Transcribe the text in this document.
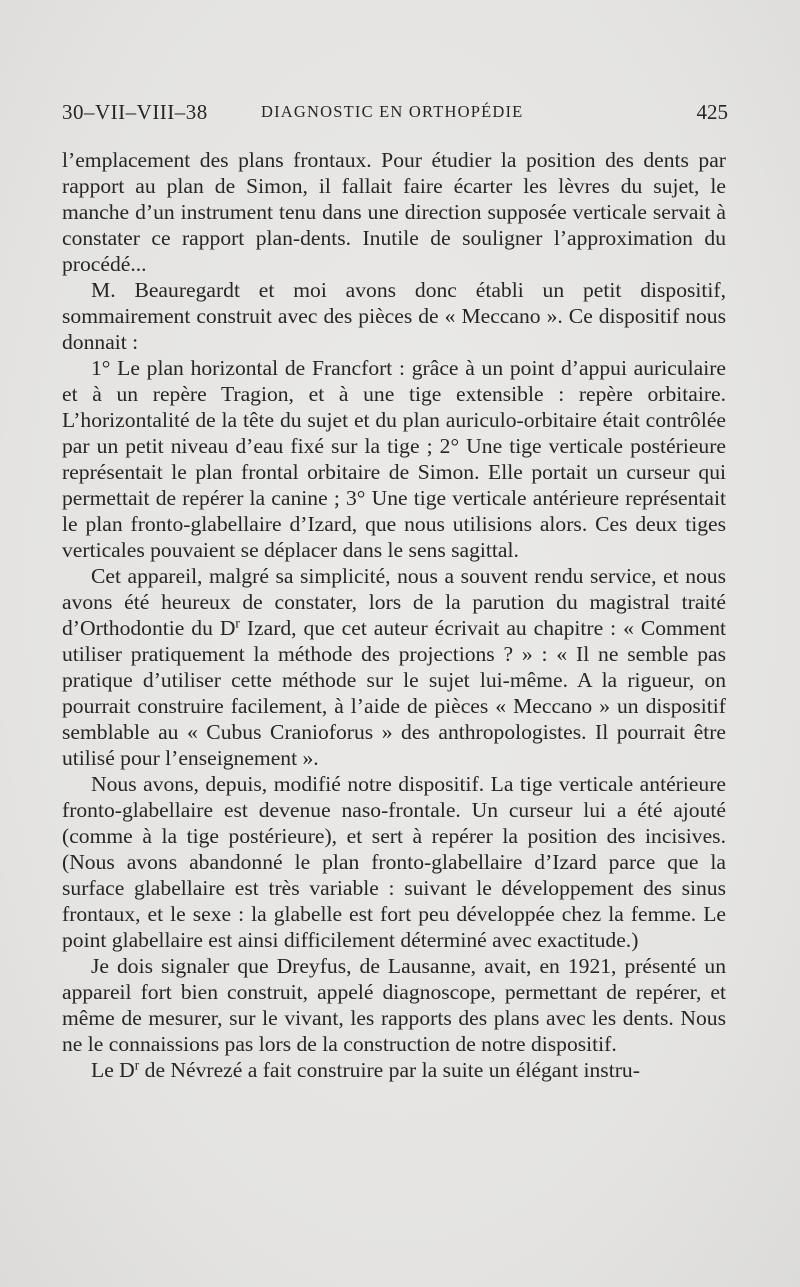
30–VII–VIII–38	DIAGNOSTIC EN ORTHOPÉDIE	425

l’emplacement des plans frontaux. Pour étudier la position des dents par rapport au plan de Simon, il fallait faire écarter les lèvres du sujet, le manche d’un instrument tenu dans une direction supposée verticale servait à constater ce rapport plan-dents. Inutile de souligner l’approximation du procédé...

M. Beauregardt et moi avons donc établi un petit dispositif, sommairement construit avec des pièces de « Meccano ». Ce dispositif nous donnait :

1° Le plan horizontal de Francfort : grâce à un point d’appui auriculaire et à un repère Tragion, et à une tige extensible : repère orbitaire. L’horizontalité de la tête du sujet et du plan auriculo-orbitaire était contrôlée par un petit niveau d’eau fixé sur la tige ; 2° Une tige verticale postérieure représentait le plan frontal orbitaire de Simon. Elle portait un curseur qui permettait de repérer la canine ; 3° Une tige verticale antérieure représentait le plan fronto-glabellaire d’Izard, que nous utilisions alors. Ces deux tiges verticales pouvaient se déplacer dans le sens sagittal.

Cet appareil, malgré sa simplicité, nous a souvent rendu service, et nous avons été heureux de constater, lors de la parution du magistral traité d’Orthodontie du $D^r$ Izard, que cet auteur écrivait au chapitre : « Comment utiliser pratiquement la méthode des projections ? » : « Il ne semble pas pratique d’utiliser cette méthode sur le sujet lui-même. A la rigueur, on pourrait construire facilement, à l’aide de pièces « Meccano » un dispositif semblable au « Cubus Cranioforus » des anthropologistes. Il pourrait être utilisé pour l’enseignement ».

Nous avons, depuis, modifié notre dispositif. La tige verticale antérieure fronto-glabellaire est devenue naso-frontale. Un curseur lui a été ajouté (comme à la tige postérieure), et sert à repérer la position des incisives. (Nous avons abandonné le plan fronto-glabellaire d’Izard parce que la surface glabellaire est très variable : suivant le développement des sinus frontaux, et le sexe : la glabelle est fort peu développée chez la femme. Le point glabellaire est ainsi difficilement déterminé avec exactitude.)

Je dois signaler que Dreyfus, de Lausanne, avait, en 1921, présenté un appareil fort bien construit, appelé diagnoscope, permettant de repérer, et même de mesurer, sur le vivant, les rapports des plans avec les dents. Nous ne le connaissions pas lors de la construction de notre dispositif.

Le $D^r$ de Névrezé a fait construire par la suite un élégant instru-
